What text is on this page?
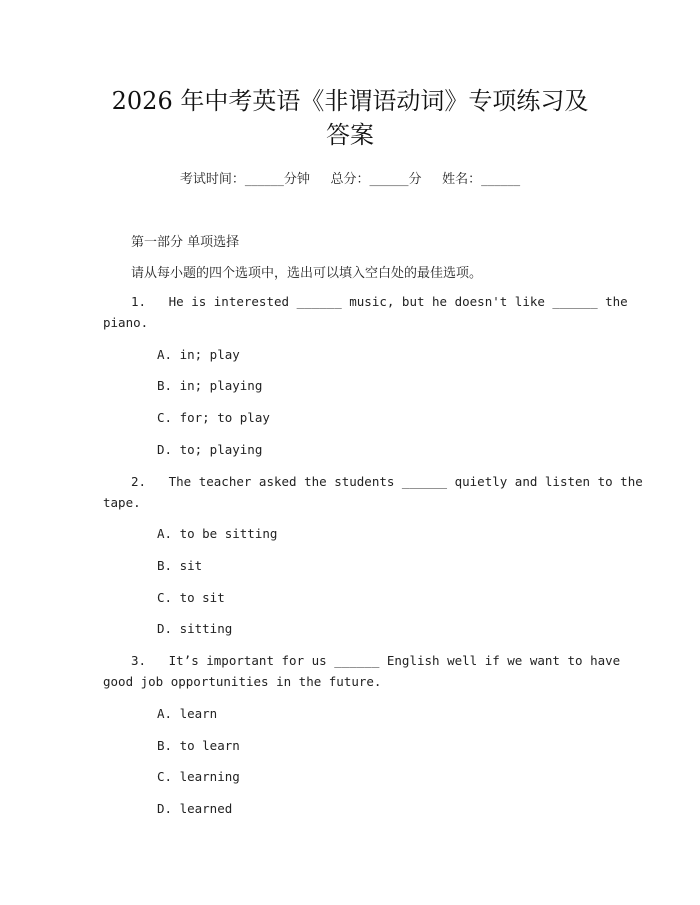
2026 年中考英语《非谓语动词》专项练习及
答案
考试时间：______分钟     总分：______分     姓名：______
第一部分 单项选择
请从每小题的四个选项中，选出可以填入空白处的最佳选项。
1.   He is interested ______ music, but he doesn't like ______ the
piano.
A. in; play
B. in; playing
C. for; to play
D. to; playing
2.   The teacher asked the students ______ quietly and listen to the
tape.
A. to be sitting
B. sit
C. to sit
D. sitting
3.   It’s important for us ______ English well if we want to have
good job opportunities in the future.
A. learn
B. to learn
C. learning
D. learned
